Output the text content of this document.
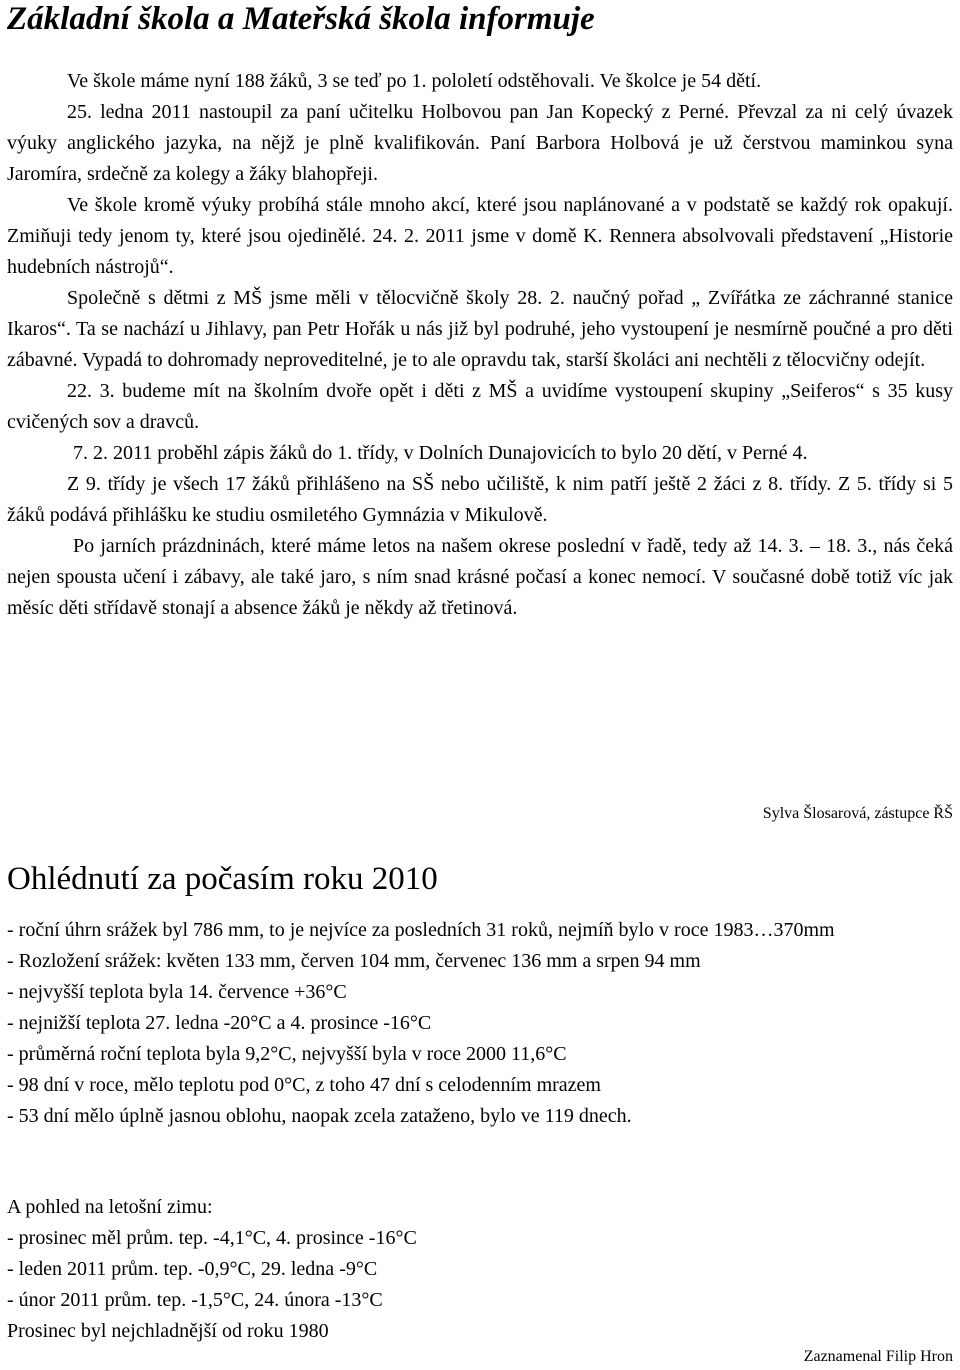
Základní škola a Mateřská škola informuje

Ve škole máme nyní 188 žáků, 3 se teď po 1. pololetí odstěhovali. Ve školce je 54 dětí.

25. ledna 2011 nastoupil za paní učitelku Holbovou pan Jan Kopecký z Perné. Převzal za ni celý úvazek výuky anglického jazyka, na nějž je plně kvalifikován. Paní Barbora Holbová je už čerstvou maminkou syna Jaromíra, srdečně za kolegy a žáky blahopřeji.

Ve škole kromě výuky probíhá stále mnoho akcí, které jsou naplánované a v podstatě se každý rok opakují. Zmiňuji tedy jenom ty, které jsou ojedinělé. 24. 2. 2011 jsme v domě K. Rennera absolvovali představení „Historie hudebních nástrojů“.

Společně s dětmi z MŠ jsme měli v tělocvičně školy 28. 2. naučný pořad „ Zvířátka ze záchranné stanice Ikaros“. Ta se nachází u Jihlavy, pan Petr Hořák u nás již byl podruhé, jeho vystoupení je nesmírně poučné a pro děti zábavné. Vypadá to dohromady neproveditelné, je to ale opravdu tak, starší školáci ani nechtěli z tělocvičny odejít.

22. 3. budeme mít na školním dvoře opět i děti z MŠ a uvidíme vystoupení skupiny „Seiferos“ s 35 kusy cvičených sov a dravců.

7. 2. 2011 proběhl zápis žáků do 1. třídy, v Dolních Dunajovicích to bylo 20 dětí, v Perné 4.

Z 9. třídy je všech 17 žáků přihlášeno na SŠ nebo učiliště, k nim patří ještě 2 žáci z 8. třídy. Z 5. třídy si 5 žáků podává přihlášku ke studiu osmiletého Gymnázia v Mikulově.

Po jarních prázdninách, které máme letos na našem okrese poslední v řadě, tedy až 14. 3. – 18. 3., nás čeká nejen spousta učení i zábavy, ale také jaro, s ním snad krásné počasí a konec nemocí. V současné době totiž víc jak měsíc děti střídavě stonají a absence žáků je někdy až třetinová.

Sylva Šlosarová, zástupce ŘŠ
Ohlédnutí za počasím roku 2010

- roční úhrn srážek byl 786 mm, to je nejvíce za posledních 31 roků, nejmíň bylo v roce 1983…370mm

- Rozložení srážek: květen 133 mm, červen 104 mm, červenec 136 mm a srpen 94 mm

- nejvyšší teplota byla 14. července +36°C

- nejnižší teplota 27. ledna -20°C a 4. prosince -16°C

- průměrná roční teplota byla 9,2°C, nejvyšší byla v roce 2000 11,6°C

- 98 dní v roce, mělo teplotu pod 0°C, z toho 47 dní s celodenním mrazem

- 53 dní mělo úplně jasnou oblohu, naopak zcela zataženo, bylo ve 119 dnech.

A pohled na letošní zimu:

- prosinec měl prům. tep. -4,1°C, 4. prosince -16°C

- leden 2011 prům. tep. -0,9°C, 29. ledna -9°C

- únor 2011 prům. tep. -1,5°C, 24. února -13°C

Prosinec byl nejchladnější od roku 1980

Zaznamenal Filip Hron
